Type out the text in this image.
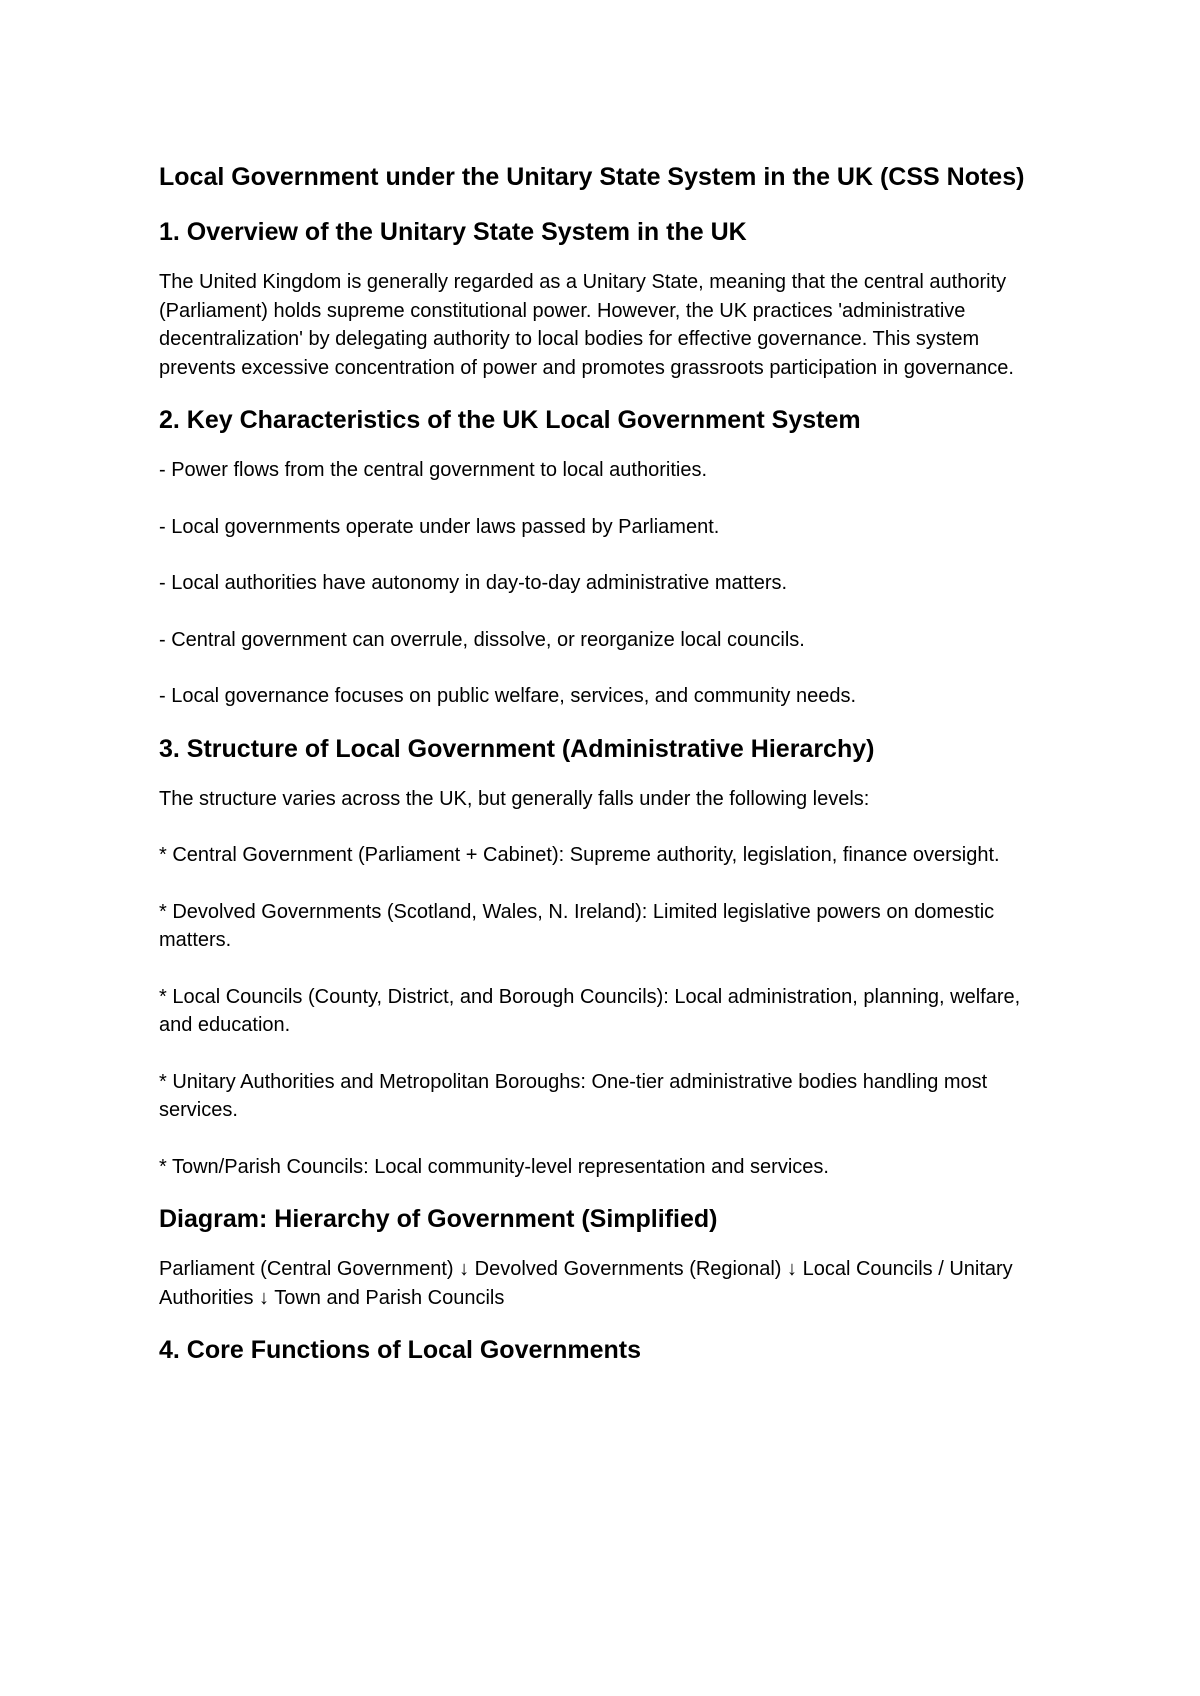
Local Government under the Unitary State System in the UK (CSS Notes)
1. Overview of the Unitary State System in the UK

The United Kingdom is generally regarded as a Unitary State, meaning that the central authority (Parliament) holds supreme constitutional power. However, the UK practices 'administrative decentralization' by delegating authority to local bodies for effective governance. This system prevents excessive concentration of power and promotes grassroots participation in governance.

2. Key Characteristics of the UK Local Government System

- Power flows from the central government to local authorities.

- Local governments operate under laws passed by Parliament.

- Local authorities have autonomy in day-to-day administrative matters.

- Central government can overrule, dissolve, or reorganize local councils.

- Local governance focuses on public welfare, services, and community needs.

3. Structure of Local Government (Administrative Hierarchy)

The structure varies across the UK, but generally falls under the following levels:

* Central Government (Parliament + Cabinet): Supreme authority, legislation, finance oversight.

* Devolved Governments (Scotland, Wales, N. Ireland): Limited legislative powers on domestic matters.

* Local Councils (County, District, and Borough Councils): Local administration, planning, welfare, and education.

* Unitary Authorities and Metropolitan Boroughs: One-tier administrative bodies handling most services.

* Town/Parish Councils: Local community-level representation and services.

Diagram: Hierarchy of Government (Simplified)

Parliament (Central Government) ↓ Devolved Governments (Regional) ↓ Local Councils / Unitary Authorities ↓ Town and Parish Councils

4. Core Functions of Local Governments
